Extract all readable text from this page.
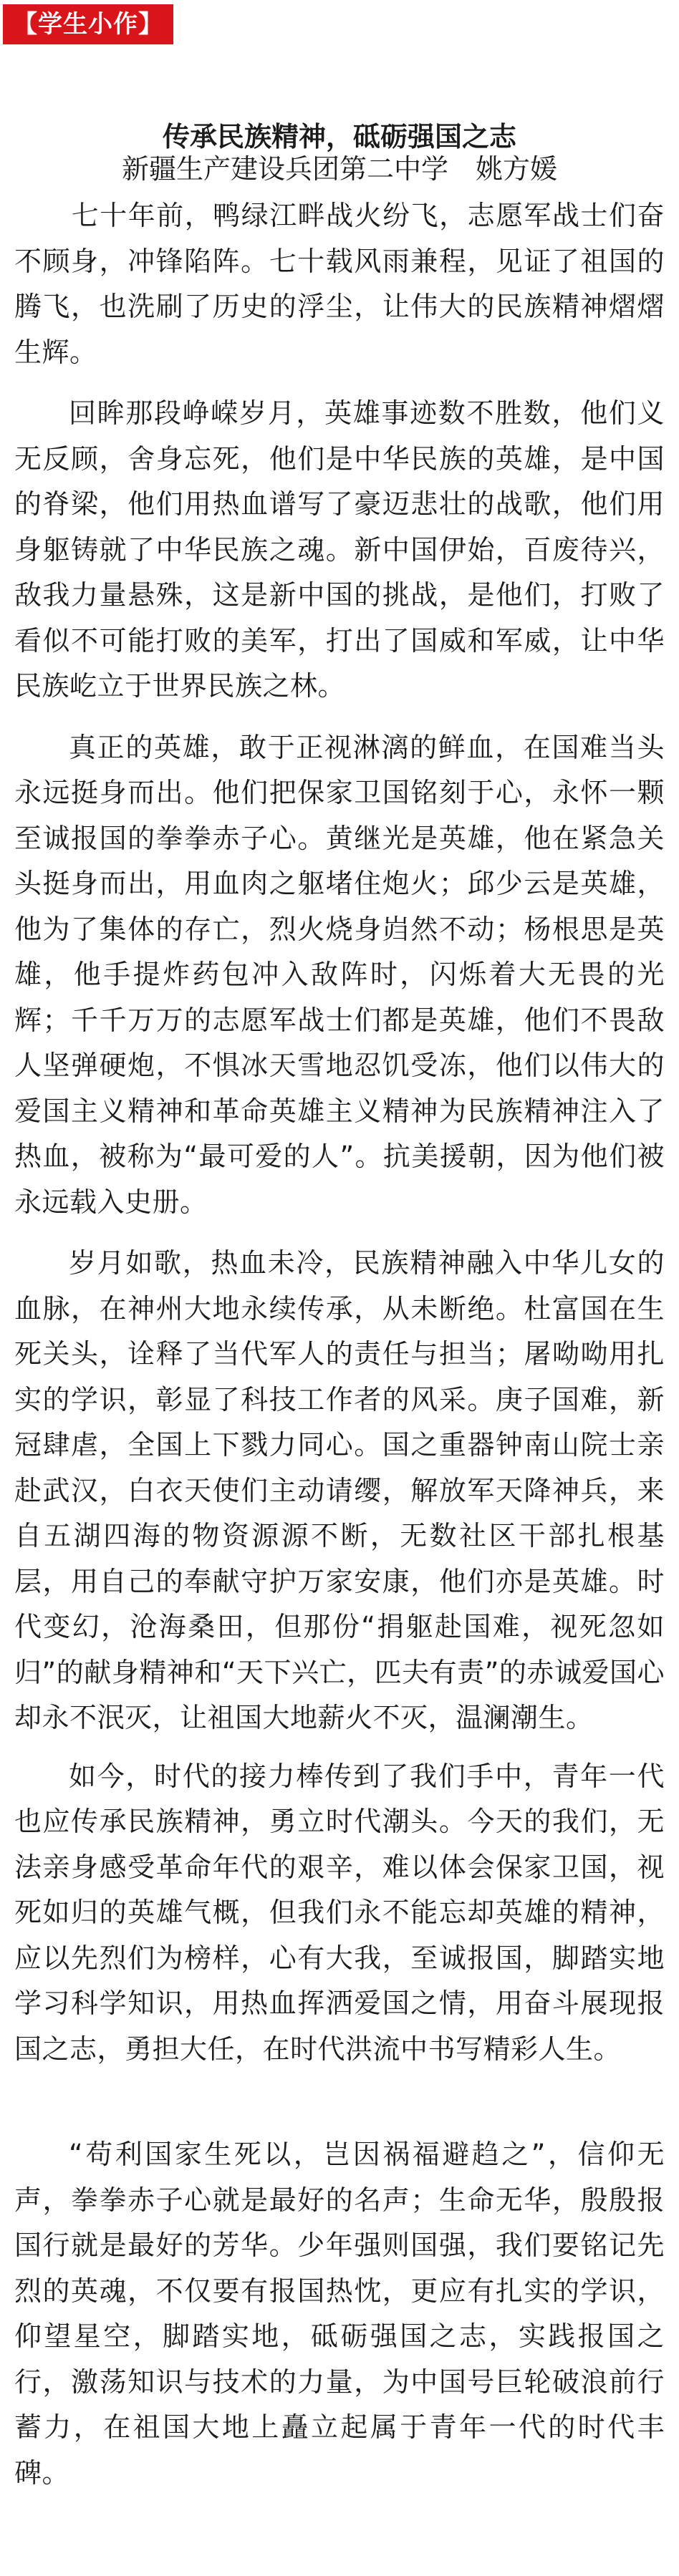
【学生小作】
传承民族精神，砥砺强国之志
新疆生产建设兵团第二中学　姚方媛

七十年前，鸭绿江畔战火纷飞，志愿军战士们奋不顾身，冲锋陷阵。七十载风雨兼程，见证了祖国的腾飞，也洗刷了历史的浮尘，让伟大的民族精神熠熠生辉。

回眸那段峥嵘岁月，英雄事迹数不胜数，他们义无反顾，舍身忘死，他们是中华民族的英雄，是中国的脊梁，他们用热血谱写了豪迈悲壮的战歌，他们用身躯铸就了中华民族之魂。新中国伊始，百废待兴，敌我力量悬殊，这是新中国的挑战，是他们，打败了看似不可能打败的美军，打出了国威和军威，让中华民族屹立于世界民族之林。

真正的英雄，敢于正视淋漓的鲜血，在国难当头永远挺身而出。他们把保家卫国铭刻于心，永怀一颗至诚报国的拳拳赤子心。黄继光是英雄，他在紧急关头挺身而出，用血肉之躯堵住炮火；邱少云是英雄，他为了集体的存亡，烈火烧身岿然不动；杨根思是英雄，他手提炸药包冲入敌阵时，闪烁着大无畏的光辉；千千万万的志愿军战士们都是英雄，他们不畏敌人坚弹硬炮，不惧冰天雪地忍饥受冻，他们以伟大的爱国主义精神和革命英雄主义精神为民族精神注入了热血，被称为“最可爱的人”。抗美援朝，因为他们被永远载入史册。

岁月如歌，热血未冷，民族精神融入中华儿女的血脉，在神州大地永续传承，从未断绝。杜富国在生死关头，诠释了当代军人的责任与担当；屠呦呦用扎实的学识，彰显了科技工作者的风采。庚子国难，新冠肆虐，全国上下戮力同心。国之重器钟南山院士亲赴武汉，白衣天使们主动请缨，解放军天降神兵，来自五湖四海的物资源源不断，无数社区干部扎根基层，用自己的奉献守护万家安康，他们亦是英雄。时代变幻，沧海桑田，但那份“捐躯赴国难，视死忽如归”的献身精神和“天下兴亡，匹夫有责”的赤诚爱国心却永不泯灭，让祖国大地薪火不灭，温澜潮生。

如今，时代的接力棒传到了我们手中，青年一代也应传承民族精神，勇立时代潮头。今天的我们，无法亲身感受革命年代的艰辛，难以体会保家卫国，视死如归的英雄气概，但我们永不能忘却英雄的精神，应以先烈们为榜样，心有大我，至诚报国，脚踏实地学习科学知识，用热血挥洒爱国之情，用奋斗展现报国之志，勇担大任，在时代洪流中书写精彩人生。

“苟利国家生死以，岂因祸福避趋之”，信仰无声，拳拳赤子心就是最好的名声；生命无华，殷殷报国行就是最好的芳华。少年强则国强，我们要铭记先烈的英魂，不仅要有报国热忱，更应有扎实的学识，仰望星空，脚踏实地，砥砺强国之志，实践报国之行，激荡知识与技术的力量，为中国号巨轮破浪前行蓄力，在祖国大地上矗立起属于青年一代的时代丰碑。
